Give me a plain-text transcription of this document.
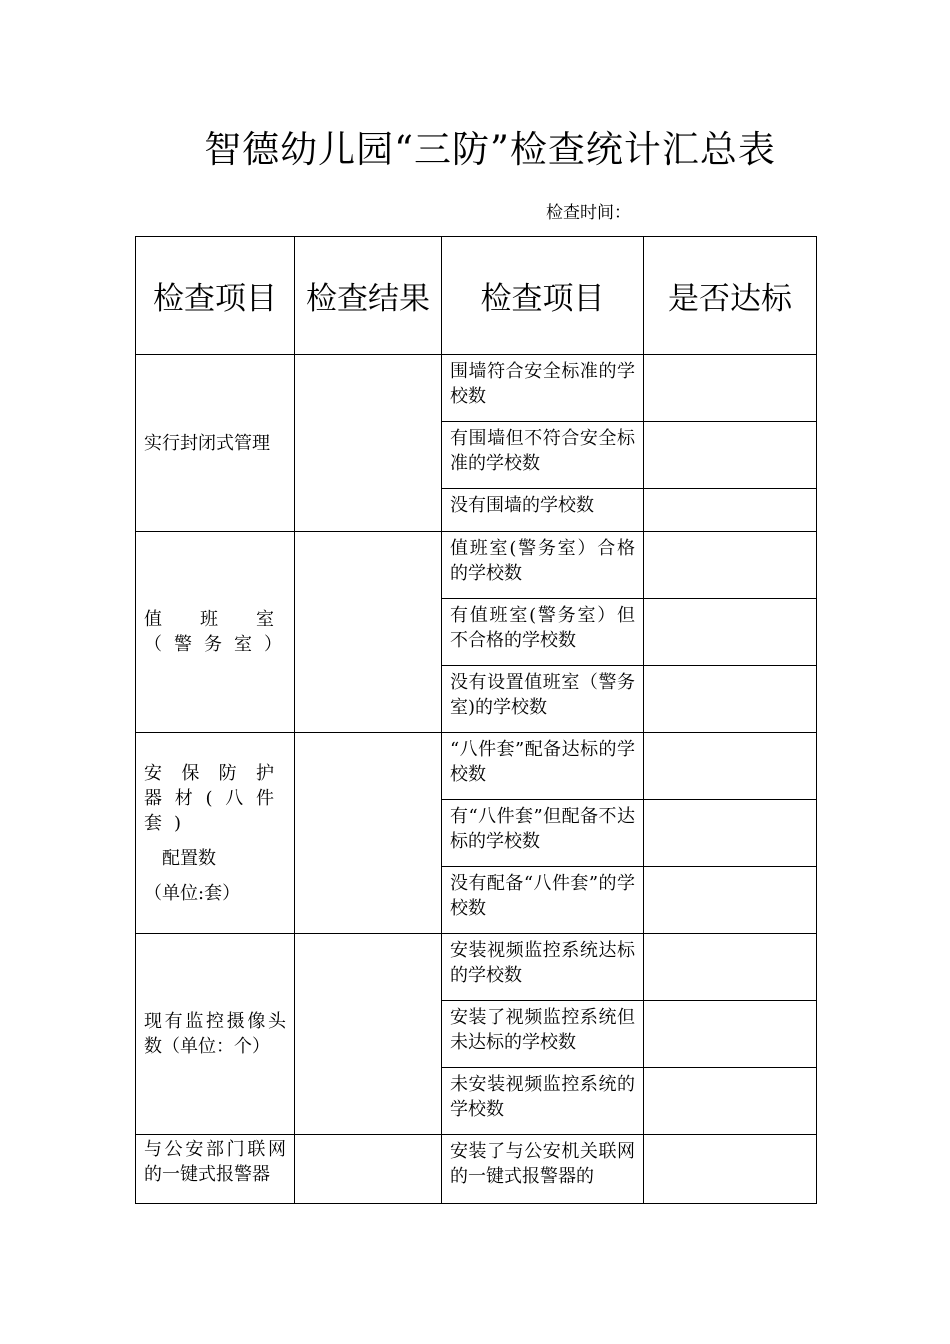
智德幼儿园“三防”检查统计汇总表
检查时间：
检查项目	检查结果	检查项目	是否达标
实行封闭式管理		围墙符合安全标准的学校数	
		有围墙但不符合安全标准的学校数	
		没有围墙的学校数	
值班室（警务室）		值班室(警务室）合格的学校数	
		有值班室(警务室）但不合格的学校数	
		没有设置值班室（警务室)的学校数	
安保防护器材(八件套)
配置数
（单位:套）		“八件套”配备达标的学校数	
		有“八件套”但配备不达标的学校数	
		没有配备“八件套”的学校数	
现有监控摄像头数（单位：个）		安装视频监控系统达标的学校数	
		安装了视频监控系统但未达标的学校数	
		未安装视频监控系统的学校数	
与公安部门联网的一键式报警器		安装了与公安机关联网的一键式报警器的	
